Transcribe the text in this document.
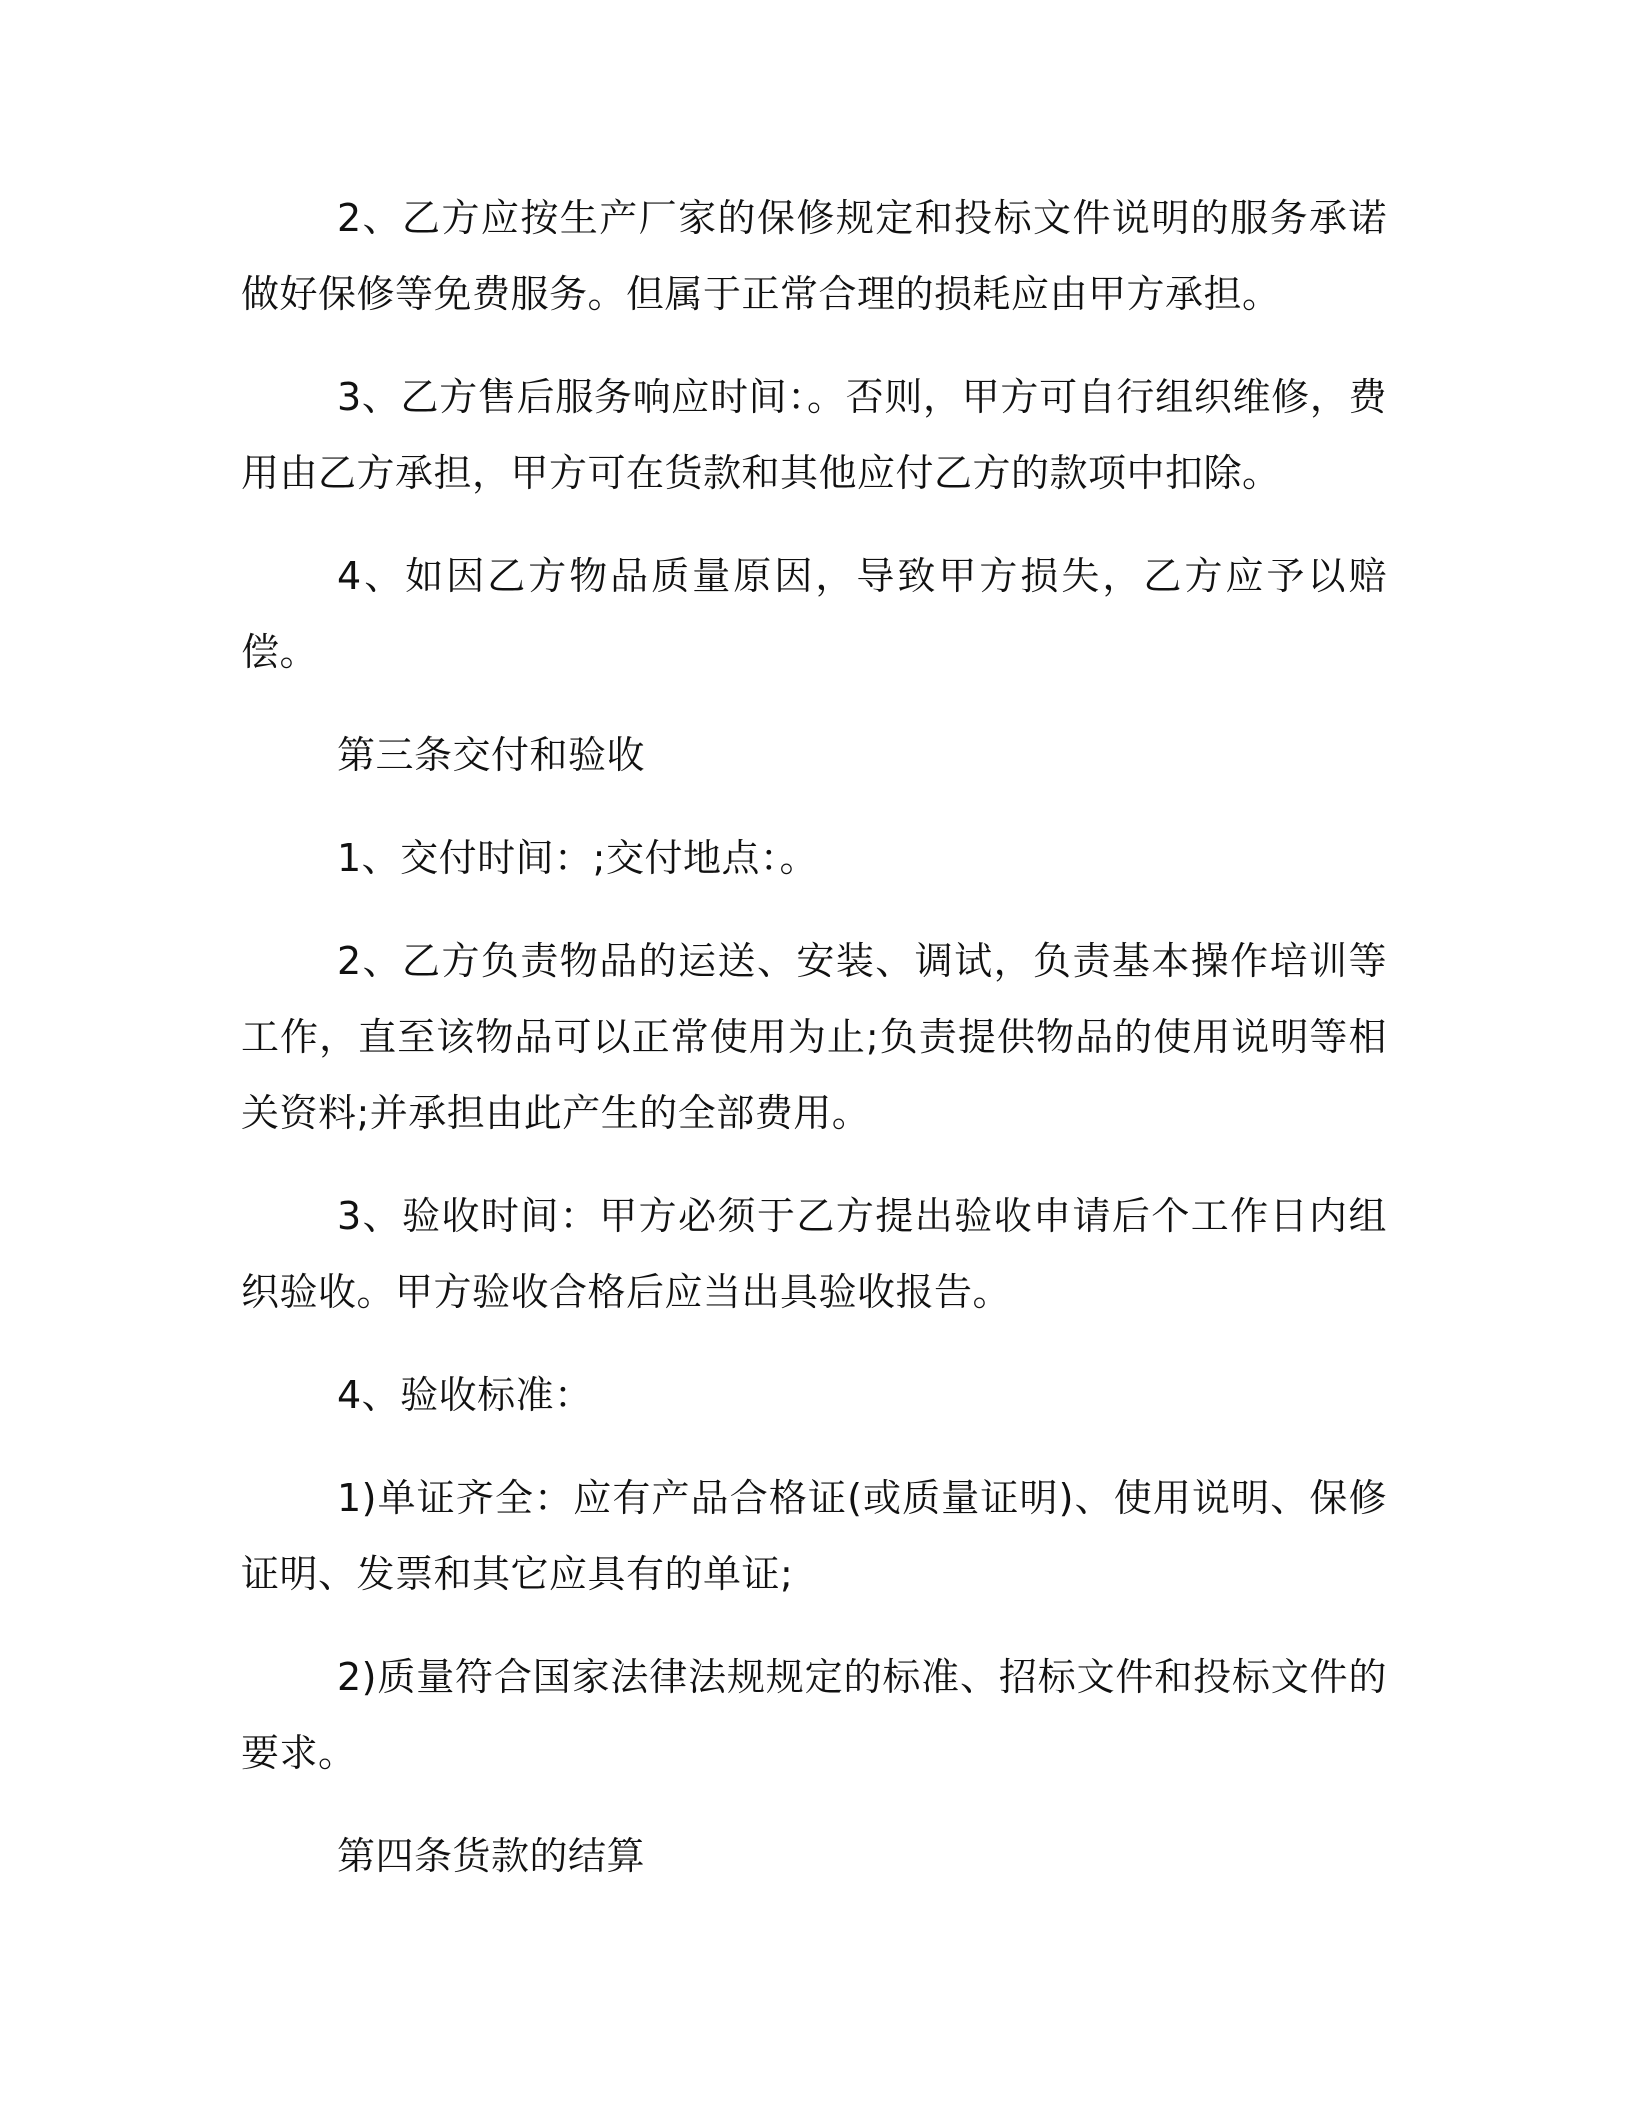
2、乙方应按生产厂家的保修规定和投标文件说明的服务承诺做好保修等免费服务。但属于正常合理的损耗应由甲方承担。

3、乙方售后服务响应时间：。否则，甲方可自行组织维修，费用由乙方承担，甲方可在货款和其他应付乙方的款项中扣除。

4、如因乙方物品质量原因，导致甲方损失，乙方应予以赔偿。

第三条交付和验收

1、交付时间：;交付地点：。

2、乙方负责物品的运送、安装、调试，负责基本操作培训等工作，直至该物品可以正常使用为止;负责提供物品的使用说明等相关资料;并承担由此产生的全部费用。

3、验收时间：甲方必须于乙方提出验收申请后个工作日内组织验收。甲方验收合格后应当出具验收报告。

4、验收标准：

1)单证齐全：应有产品合格证(或质量证明)、使用说明、保修证明、发票和其它应具有的单证;

2)质量符合国家法律法规规定的标准、招标文件和投标文件的要求。

第四条货款的结算
